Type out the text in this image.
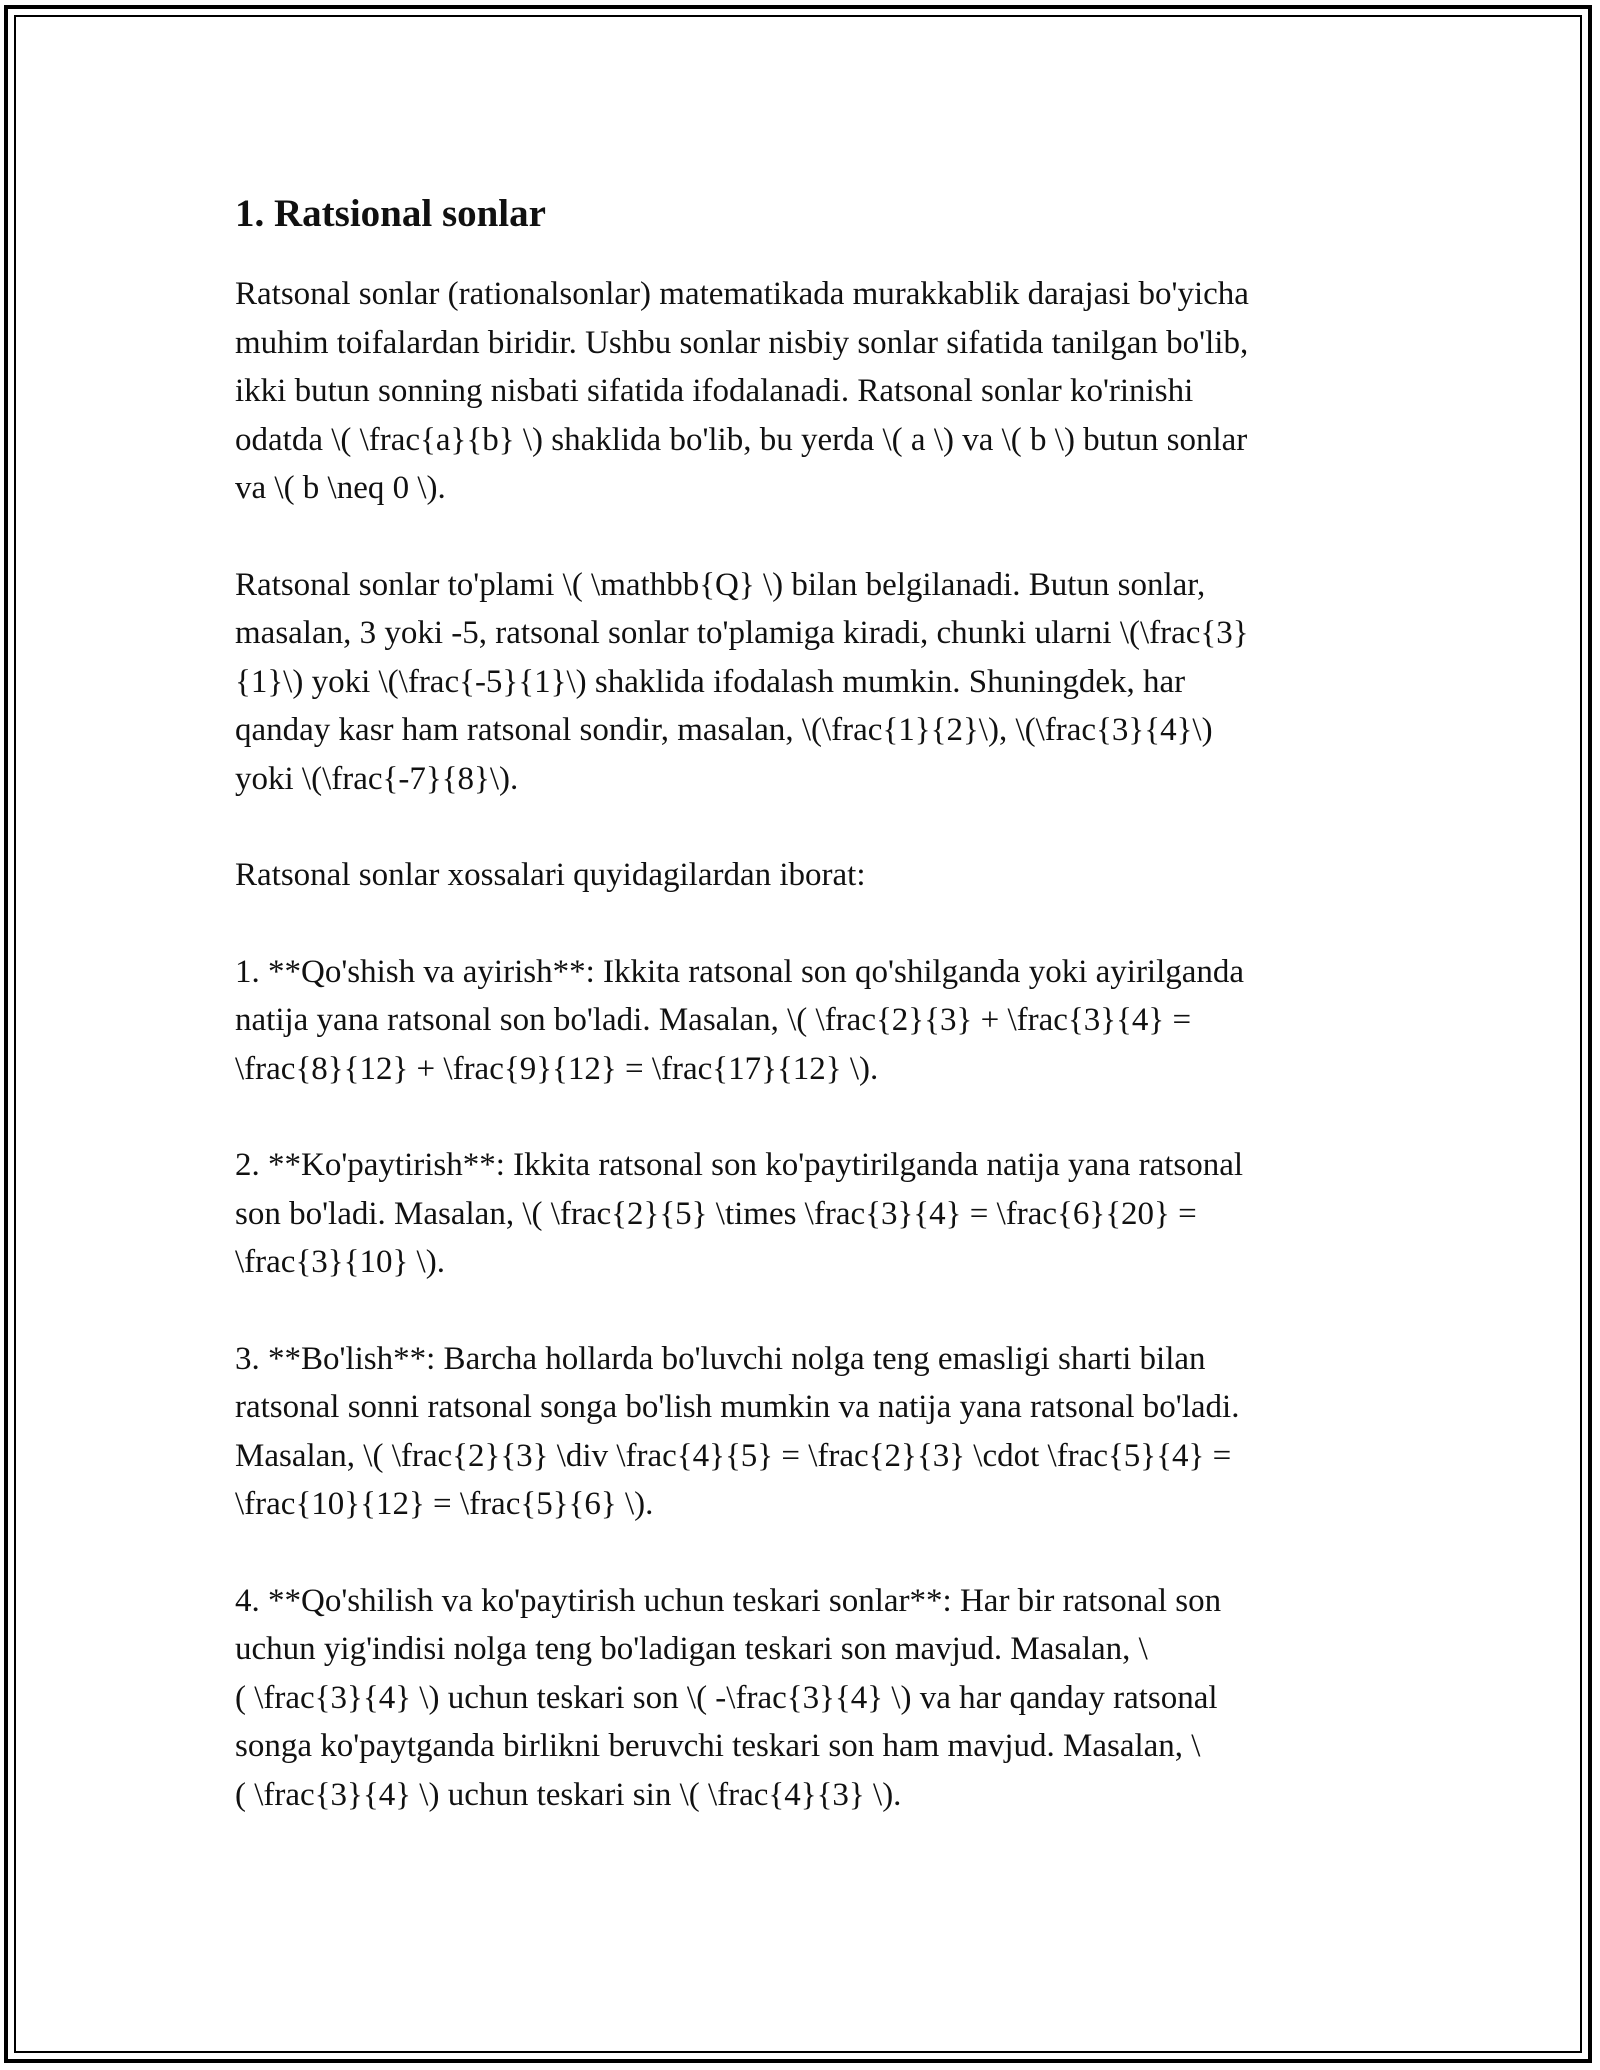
1. Ratsional sonlar

Ratsonal sonlar (rationalsonlar) matematikada murakkablik darajasi bo'yicha
muhim toifalardan biridir. Ushbu sonlar nisbiy sonlar sifatida tanilgan bo'lib,
ikki butun sonning nisbati sifatida ifodalanadi. Ratsonal sonlar ko'rinishi
odatda \( \frac{a}{b} \) shaklida bo'lib, bu yerda \( a \) va \( b \) butun sonlar
va \( b \neq 0 \).

Ratsonal sonlar to'plami \( \mathbb{Q} \) bilan belgilanadi. Butun sonlar,
masalan, 3 yoki -5, ratsonal sonlar to'plamiga kiradi, chunki ularni \(\frac{3}
{1}\) yoki \(\frac{-5}{1}\) shaklida ifodalash mumkin. Shuningdek, har
qanday kasr ham ratsonal sondir, masalan, \(\frac{1}{2}\), \(\frac{3}{4}\)
yoki \(\frac{-7}{8}\).

Ratsonal sonlar xossalari quyidagilardan iborat:

1. **Qo'shish va ayirish**: Ikkita ratsonal son qo'shilganda yoki ayirilganda
natija yana ratsonal son bo'ladi. Masalan, \( \frac{2}{3} + \frac{3}{4} =
\frac{8}{12} + \frac{9}{12} = \frac{17}{12} \).

2. **Ko'paytirish**: Ikkita ratsonal son ko'paytirilganda natija yana ratsonal
son bo'ladi. Masalan, \( \frac{2}{5} \times \frac{3}{4} = \frac{6}{20} =
\frac{3}{10} \).

3. **Bo'lish**: Barcha hollarda bo'luvchi nolga teng emasligi sharti bilan
ratsonal sonni ratsonal songa bo'lish mumkin va natija yana ratsonal bo'ladi.
Masalan, \( \frac{2}{3} \div \frac{4}{5} = \frac{2}{3} \cdot \frac{5}{4} =
\frac{10}{12} = \frac{5}{6} \).

4. **Qo'shilish va ko'paytirish uchun teskari sonlar**: Har bir ratsonal son
uchun yig'indisi nolga teng bo'ladigan teskari son mavjud. Masalan, \
( \frac{3}{4} \) uchun teskari son \( -\frac{3}{4} \) va har qanday ratsonal
songa ko'paytganda birlikni beruvchi teskari son ham mavjud. Masalan, \
( \frac{3}{4} \) uchun teskari sin \( \frac{4}{3} \).
